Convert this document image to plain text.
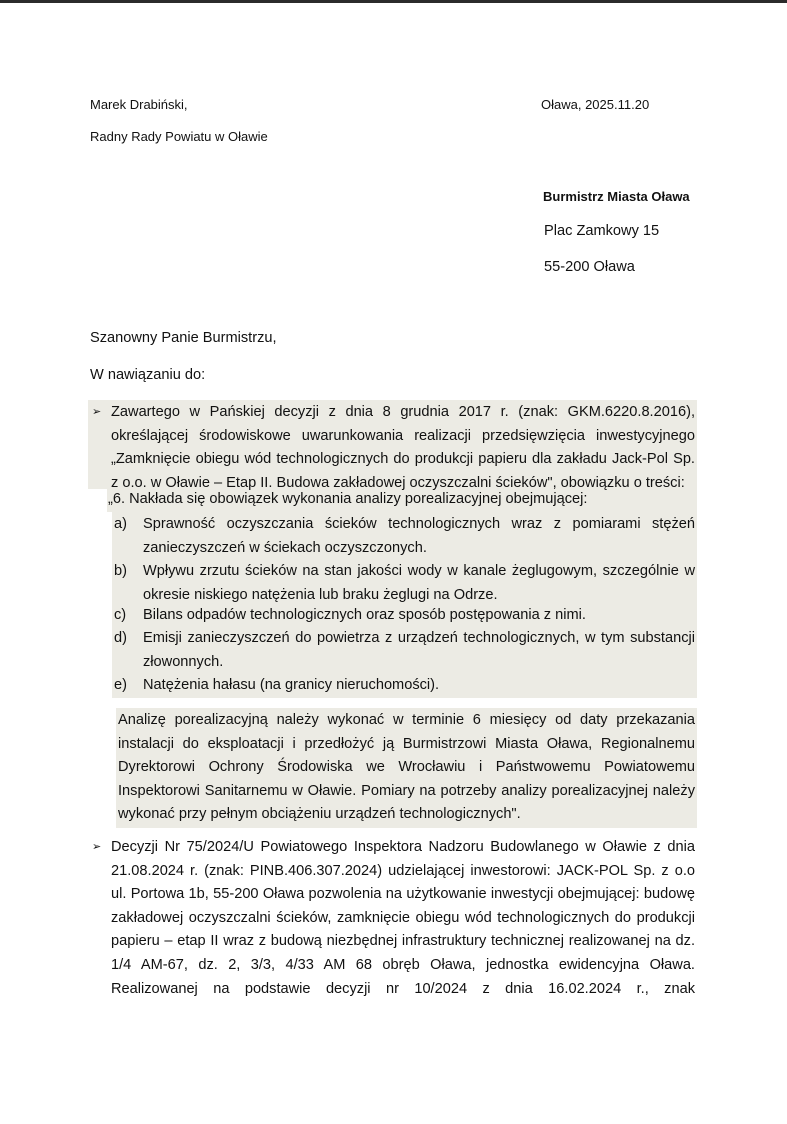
Marek Drabiński,
Radny Rady Powiatu w Oławie
Oława, 2025.11.20
Burmistrz Miasta Oława
Plac Zamkowy 15
55-200 Oława
Szanowny Panie Burmistrzu,
W nawiązaniu do:
➢ Zawartego w Pańskiej decyzji z dnia 8 grudnia 2017 r. (znak: GKM.6220.8.2016),
określającej środowiskowe uwarunkowania realizacji przedsięwzięcia inwestycyjnego
„Zamknięcie obiegu wód technologicznych do produkcji papieru dla zakładu Jack-Pol Sp.
z o.o. w Oławie – Etap II. Budowa zakładowej oczyszczalni ścieków", obowiązku o treści:
„6. Nakłada się obowiązek wykonania analizy porealizacyjnej obejmującej:
a) Sprawność oczyszczania ścieków technologicznych wraz z pomiarami stężeń
zanieczyszczeń w ściekach oczyszczonych.
b) Wpływu zrzutu ścieków na stan jakości wody w kanale żeglugowym, szczególnie w
okresie niskiego natężenia lub braku żeglugi na Odrze.
c) Bilans odpadów technologicznych oraz sposób postępowania z nimi.
d) Emisji zanieczyszczeń do powietrza z urządzeń technologicznych, w tym substancji
złowonnych.
e) Natężenia hałasu (na granicy nieruchomości).
Analizę porealizacyjną należy wykonać w terminie 6 miesięcy od daty przekazania
instalacji do eksploatacji i przedłożyć ją Burmistrzowi Miasta Oława, Regionalnemu
Dyrektorowi Ochrony Środowiska we Wrocławiu i Państwowemu Powiatowemu
Inspektorowi Sanitarnemu w Oławie. Pomiary na potrzeby analizy porealizacyjnej należy
wykonać przy pełnym obciążeniu urządzeń technologicznych".
➢ Decyzji Nr 75/2024/U Powiatowego Inspektora Nadzoru Budowlanego w Oławie z dnia
21.08.2024 r. (znak: PINB.406.307.2024) udzielającej inwestorowi: JACK-POL Sp. z o.o
ul. Portowa 1b, 55-200 Oława pozwolenia na użytkowanie inwestycji obejmującej: budowę
zakładowej oczyszczalni ścieków, zamknięcie obiegu wód technologicznych do produkcji
papieru – etap II wraz z budową niezbędnej infrastruktury technicznej realizowanej na dz.
1/4 AM-67, dz. 2, 3/3, 4/33 AM 68 obręb Oława, jednostka ewidencyjna Oława.
Realizowanej na podstawie decyzji nr 10/2024 z dnia 16.02.2024 r., znak
